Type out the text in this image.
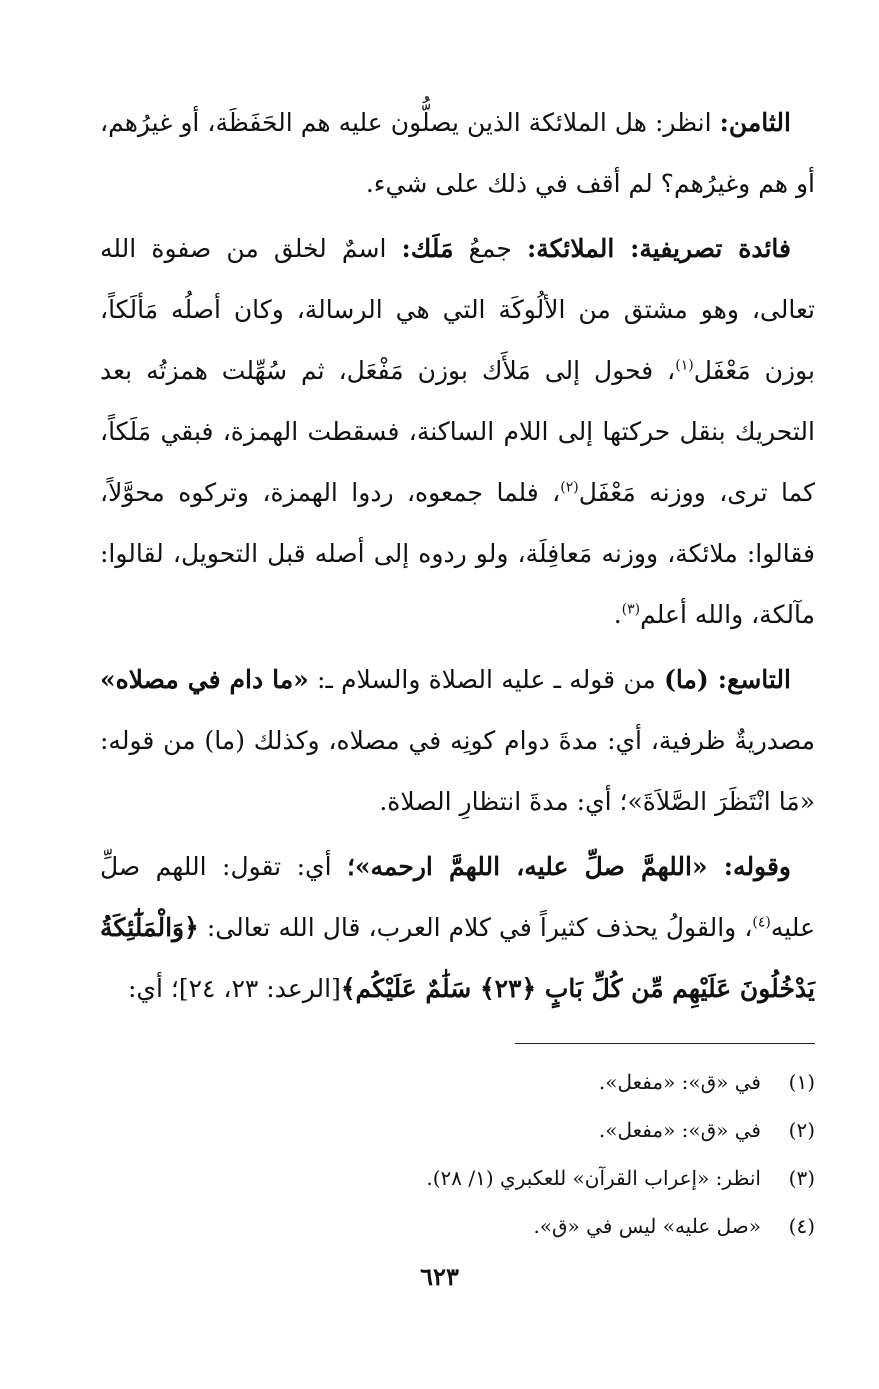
الثامن: انظر: هل الملائكة الذين يصلُّون عليه هم الحَفَظَة، أو غيرُهم، أو هم وغيرُهم؟ لم أقف في ذلك على شيء.

فائدة تصريفية: الملائكة: جمعُ مَلَك: اسمٌ لخلق من صفوة الله تعالى، وهو مشتق من الألُوكَة التي هي الرسالة، وكان أصلُه مَألَكاً، بوزن مَعْفَل$^{(١)}$، فحول إلى مَلأَك بوزن مَفْعَل، ثم سُهِّلت همزتُه بعد التحريك بنقل حركتها إلى اللام الساكنة، فسقطت الهمزة، فبقي مَلَكاً، كما ترى، ووزنه مَعْفَل$^{(٢)}$، فلما جمعوه، ردوا الهمزة، وتركوه محوَّلاً، فقالوا: ملائكة، ووزنه مَعافِلَة، ولو ردوه إلى أصله قبل التحويل، لقالوا: مآلكة، والله أعلم$^{(٣)}$.

التاسع: (ما) من قوله ـ عليه الصلاة والسلام ـ: «ما دام في مصلاه» مصدريةٌ ظرفية، أي: مدةَ دوام كونِه في مصلاه، وكذلك (ما) من قوله: «مَا انْتَظَرَ الصَّلاَةَ»؛ أي: مدةَ انتظارِ الصلاة.

وقوله: «اللهمَّ صلِّ عليه، اللهمَّ ارحمه»؛ أي: تقول: اللهم صلِّ عليه$^{(٤)}$، والقولُ يحذف كثيراً في كلام العرب، قال الله تعالى: ﴿وَالْمَلَٰٓئِكَةُ يَدْخُلُونَ عَلَيْهِم مِّن كُلِّ بَابٍ ﴿٢٣﴾ سَلَٰمٌ عَلَيْكُم﴾[الرعد: ٢٣، ٢٤]؛ أي:

(١)في «ق»: «مفعل».
(٢)في «ق»: «مفعل».
(٣)انظر: «إعراب القرآن» للعكبري (١/ ٢٨).
(٤)«صل عليه» ليس في «ق».
٦٢٣
